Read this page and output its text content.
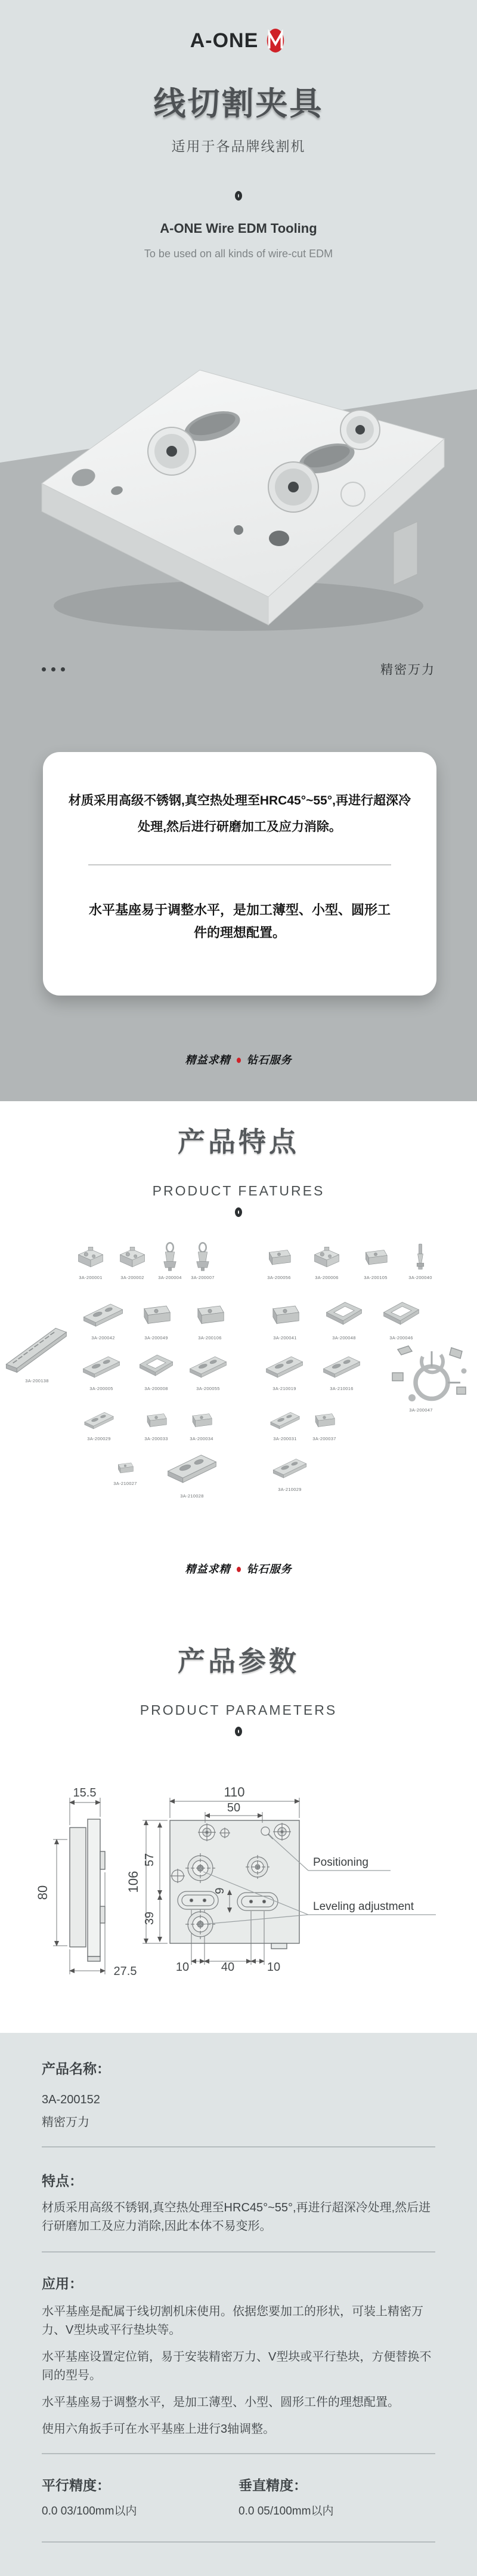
A-ONE
线切割夹具
适用于各品牌线割机
A-ONE Wire EDM Tooling
To be used on all kinds of wire-cut EDM
精密万力

材质采用高级不锈钢,真空热处理至HRC45°~55°,再进行超深冷处理,然后进行研磨加工及应力消除。

水平基座易于调整水平，是加工薄型、小型、圆形工件的理想配置。

精益求精 钻石服务
产品特点
PRODUCT FEATURES
3A-200001	3A-200002	3A-200004	3A-200007	3A-200056	3A-200006	3A-200105	3A-200040
3A-200042	3A-200049	3A-200106	3A-200041	3A-200048	3A-200046
3A-200138
3A-200005	3A-200008	3A-200055	3A-210019	3A-210016
3A-200047
3A-200029	3A-200033	3A-200034	3A-200031	3A-200037
3A-210027
3A-210028
3A-210029
精益求精 钻石服务
产品参数
PRODUCT PARAMETERS
15.5
80
27.5
110
50
106
57
39
9
10	40	10
Positioning
Leveling adjustment
产品名称：
3A-200152
精密万力
特点：

材质采用高级不锈钢,真空热处理至HRC45°~55°,再进行超深冷处理,然后进行研磨加工及应力消除,因此本体不易变形。

应用：

水平基座是配属于线切割机床使用。依据您要加工的形状，可装上精密万力、V型块或平行垫块等。

水平基座设置定位销，易于安装精密万力、V型块或平行垫块，方便替换不同的型号。

水平基座易于调整水平，是加工薄型、小型、圆形工件的理想配置。

使用六角扳手可在水平基座上进行3轴调整。

平行精度：
0.0 03/100mm以内
垂直精度：
0.0 05/100mm以内
